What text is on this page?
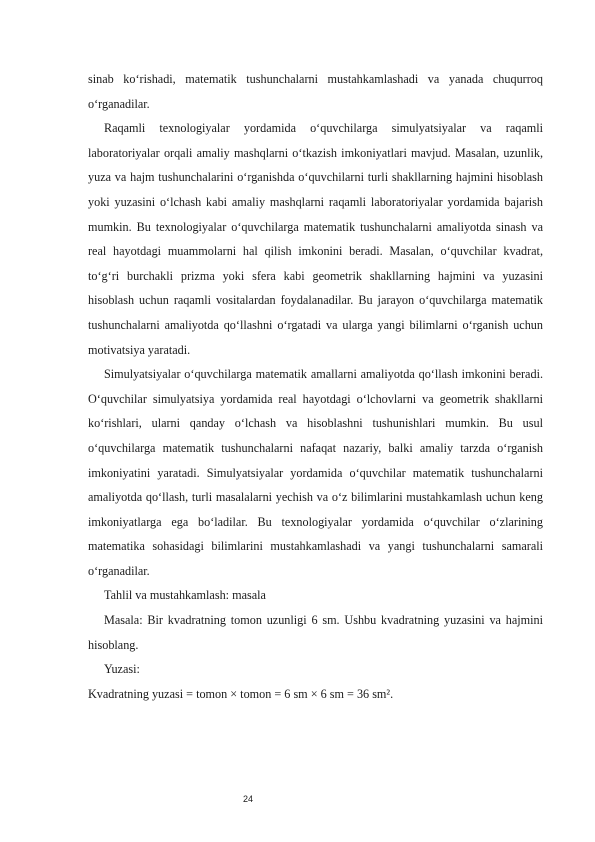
sinab ko‘rishadi, matematik tushunchalarni mustahkamlashadi va yanada chuqurroq o‘rganadilar.

Raqamli texnologiyalar yordamida o‘quvchilarga simulyatsiyalar va raqamli laboratoriyalar orqali amaliy mashqlarni o‘tkazish imkoniyatlari mavjud. Masalan, uzunlik, yuza va hajm tushunchalarini o‘rganishda o‘quvchilarni turli shakllarning hajmini hisoblash yoki yuzasini o‘lchash kabi amaliy mashqlarni raqamli laboratoriyalar yordamida bajarish mumkin. Bu texnologiyalar o‘quvchilarga matematik tushunchalarni amaliyotda sinash va real hayotdagi muammolarni hal qilish imkonini beradi. Masalan, o‘quvchilar kvadrat, to‘g‘ri burchakli prizma yoki sfera kabi geometrik shakllarning hajmini va yuzasini hisoblash uchun raqamli vositalardan foydalanadilar. Bu jarayon o‘quvchilarga matematik tushunchalarni amaliyotda qo‘llashni o‘rgatadi va ularga yangi bilimlarni o‘rganish uchun motivatsiya yaratadi.

Simulyatsiyalar o‘quvchilarga matematik amallarni amaliyotda qo‘llash imkonini beradi. O‘quvchilar simulyatsiya yordamida real hayotdagi o‘lchovlarni va geometrik shakllarni ko‘rishlari, ularni qanday o‘lchash va hisoblashni tushunishlari mumkin. Bu usul o‘quvchilarga matematik tushunchalarni nafaqat nazariy, balki amaliy tarzda o‘rganish imkoniyatini yaratadi. Simulyatsiyalar yordamida o‘quvchilar matematik tushunchalarni amaliyotda qo‘llash, turli masalalarni yechish va o‘z bilimlarini mustahkamlash uchun keng imkoniyatlarga ega bo‘ladilar. Bu texnologiyalar yordamida o‘quvchilar o‘zlarining matematika sohasidagi bilimlarini mustahkamlashadi va yangi tushunchalarni samarali o‘rganadilar.

Tahlil va mustahkamlash: masala

Masala: Bir kvadratning tomon uzunligi 6 sm. Ushbu kvadratning yuzasini va hajmini hisoblang.

Yuzasi:

Kvadratning yuzasi = tomon × tomon = 6 sm × 6 sm = 36 sm².

24
